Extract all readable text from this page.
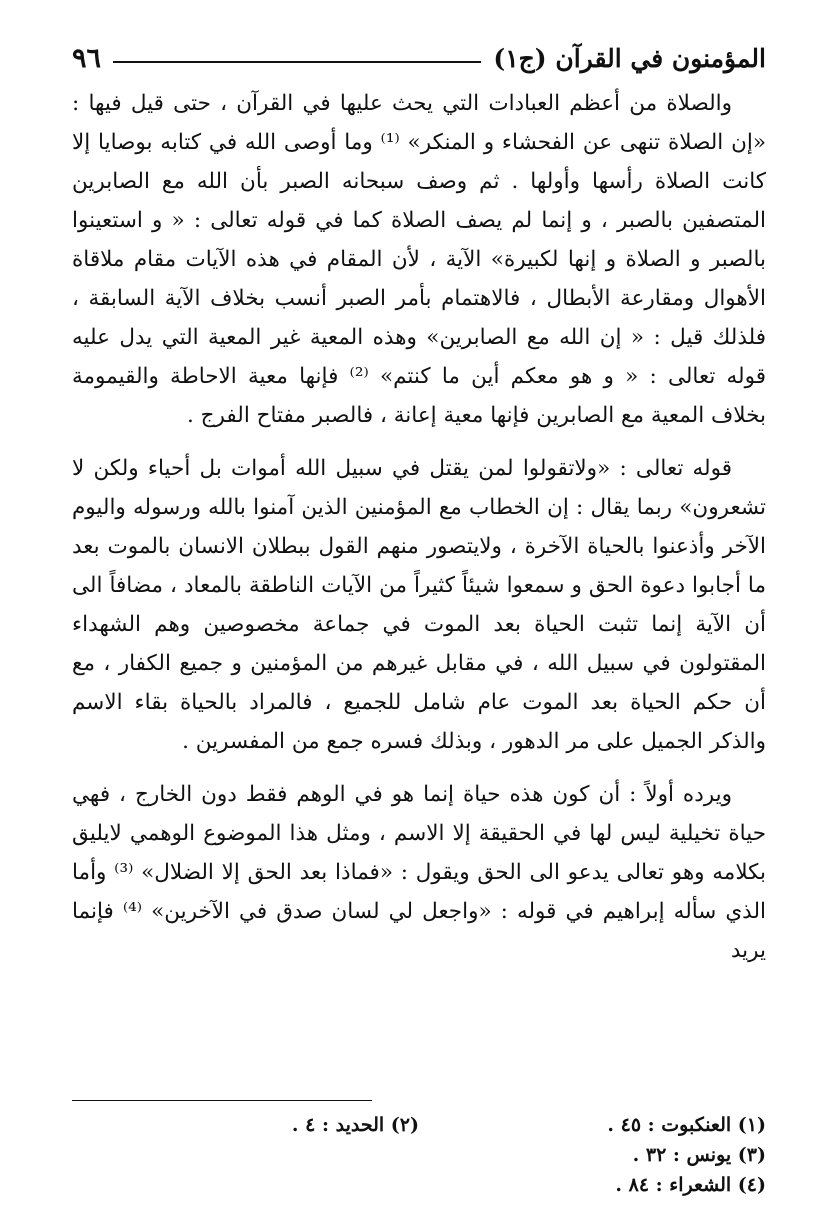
المؤمنون في القرآن (ج١)
٩٦

والصلاة من أعظم العبادات التي يحث عليها في القرآن ، حتى قيل فيها : «إن الصلاة تنهى عن الفحشاء و المنكر» ⁽¹⁾ وما أوصى الله في كتابه بوصايا إلا كانت الصلاة رأسها وأولها . ثم وصف سبحانه الصبر بأن الله مع الصابرين المتصفين بالصبر ، و إنما لم يصف الصلاة كما في قوله تعالى : « و استعينوا بالصبر و الصلاة و إنها لكبيرة» الآية ، لأن المقام في هذه الآيات مقام ملاقاة الأهوال ومقارعة الأبطال ، فالاهتمام بأمر الصبر أنسب بخلاف الآية السابقة ، فلذلك قيل : « إن الله مع الصابرين» وهذه المعية غير المعية التي يدل عليه قوله تعالى : « و هو معكم أين ما كنتم» ⁽²⁾ فإنها معية الاحاطة والقيمومة بخلاف المعية مع الصابرين فإنها معية إعانة ، فالصبر مفتاح الفرج .

قوله تعالى : «ولاتقولوا لمن يقتل في سبيل الله أموات بل أحياء ولكن لا تشعرون» ربما يقال : إن الخطاب مع المؤمنين الذين آمنوا بالله ورسوله واليوم الآخر وأذعنوا بالحياة الآخرة ، ولايتصور منهم القول ببطلان الانسان بالموت بعد ما أجابوا دعوة الحق و سمعوا شيئاً كثيراً من الآيات الناطقة بالمعاد ، مضافاً الى أن الآية إنما تثبت الحياة بعد الموت في جماعة مخصوصين وهم الشهداء المقتولون في سبيل الله ، في مقابل غيرهم من المؤمنين و جميع الكفار ، مع أن حكم الحياة بعد الموت عام شامل للجميع ، فالمراد بالحياة بقاء الاسم والذكر الجميل على مر الدهور ، وبذلك فسره جمع من المفسرين .

ويرده أولاً : أن كون هذه حياة إنما هو في الوهم فقط دون الخارج ، فهي حياة تخيلية ليس لها في الحقيقة إلا الاسم ، ومثل هذا الموضوع الوهمي لايليق بكلامه وهو تعالى يدعو الى الحق ويقول : «فماذا بعد الحق إلا الضلال» ⁽³⁾ وأما الذي سأله إبراهيم في قوله : «واجعل لي لسان صدق في الآخرين» ⁽⁴⁾ فإنما يريد

(١) العنكبوت : ٤٥ .
(٢) الحديد : ٤ .
(٣) يونس : ٣٢ .
(٤) الشعراء : ٨٤ .
